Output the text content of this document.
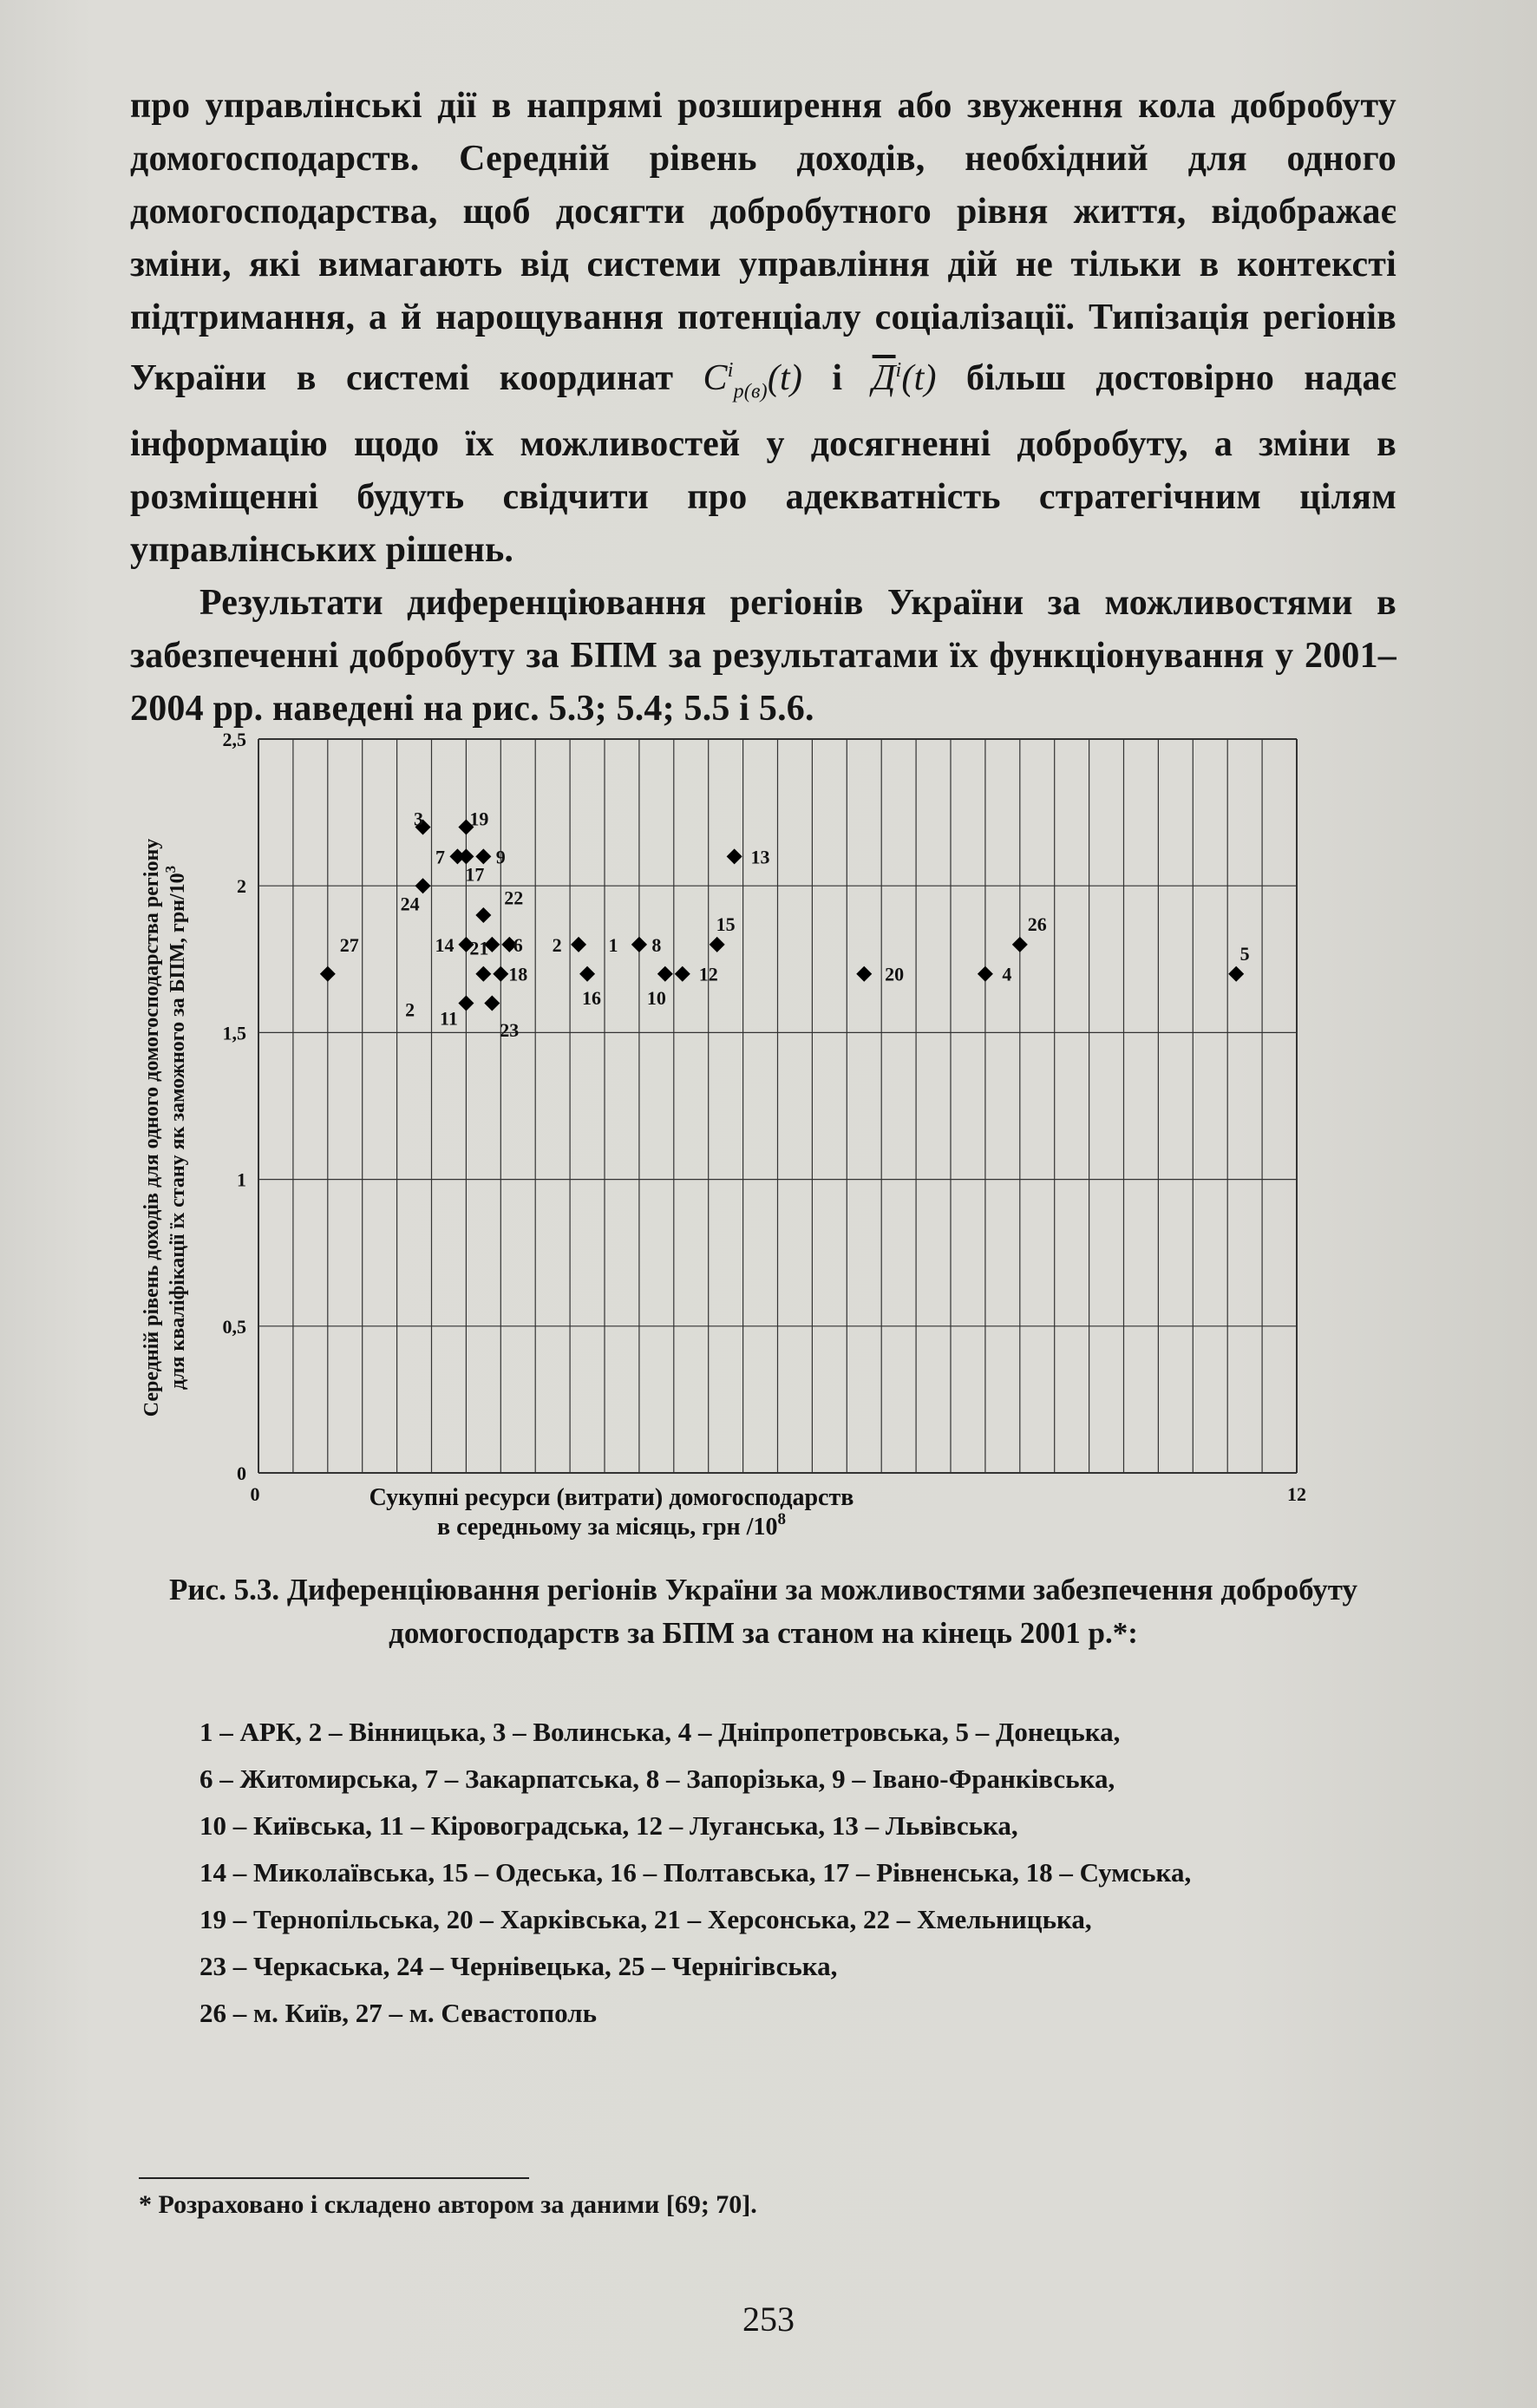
про управлінські дії в напрямі розширення або звуження кола добробуту домогосподарств. Середній рівень доходів, необхідний для одного домогосподарства, щоб досягти добробутного рівня життя, відображає зміни, які вимагають від системи управління дій не тільки в контексті підтримання, а й нарощування потенціалу соціалізації. Типізація регіонів України в системі координат $C^i_{p(в)}(t)$ і $Д^i(t)$ більш достовірно надає інформацію щодо їх можливостей у досягненні добробуту, а зміни в розміщенні будуть свідчити про адекватність стратегічним цілям управлінських рішень.

Результати диференціювання регіонів України за можливостями в забезпеченні добробуту за БПМ за результатами їх функціонування у 2001–2004 рр. наведені на рис. 5.3; 5.4; 5.5 і 5.6.

0
0,5
1
1,5
2
2,5
0	12
3 19
7	9
17
13
24	22
27
15	26
14 21 6 2 1 8
18	12	20	4
5
16 10
2 11
23
Сукупні ресурси (витрати) домогосподарств
в середньому за місяць, грн $/10^8$
Середній рівень доходів для одного домогосподарства регіону для кваліфікації їх стану як заможного за БПМ, грн/$10^3$
Рис. 5.3. Диференціювання регіонів України за можливостями забезпечення добробуту домогосподарств за БПМ за станом на кінець 2001 р.*:
1 – АРК, 2 – Вінницька, 3 – Волинська, 4 – Дніпропетровська, 5 – Донецька,
6 – Житомирська, 7 – Закарпатська, 8 – Запорізька, 9 – Івано-Франківська,
10 – Київська, 11 – Кіровоградська, 12 – Луганська, 13 – Львівська,
14 – Миколаївська, 15 – Одеська, 16 – Полтавська, 17 – Рівненська, 18 – Сумська,
19 – Тернопільська, 20 – Харківська, 21 – Херсонська, 22 – Хмельницька,
23 – Черкаська, 24 – Чернівецька, 25 – Чернігівська,
26 – м. Київ, 27 – м. Севастополь
* Розраховано і складено автором за даними [69; 70].
253
